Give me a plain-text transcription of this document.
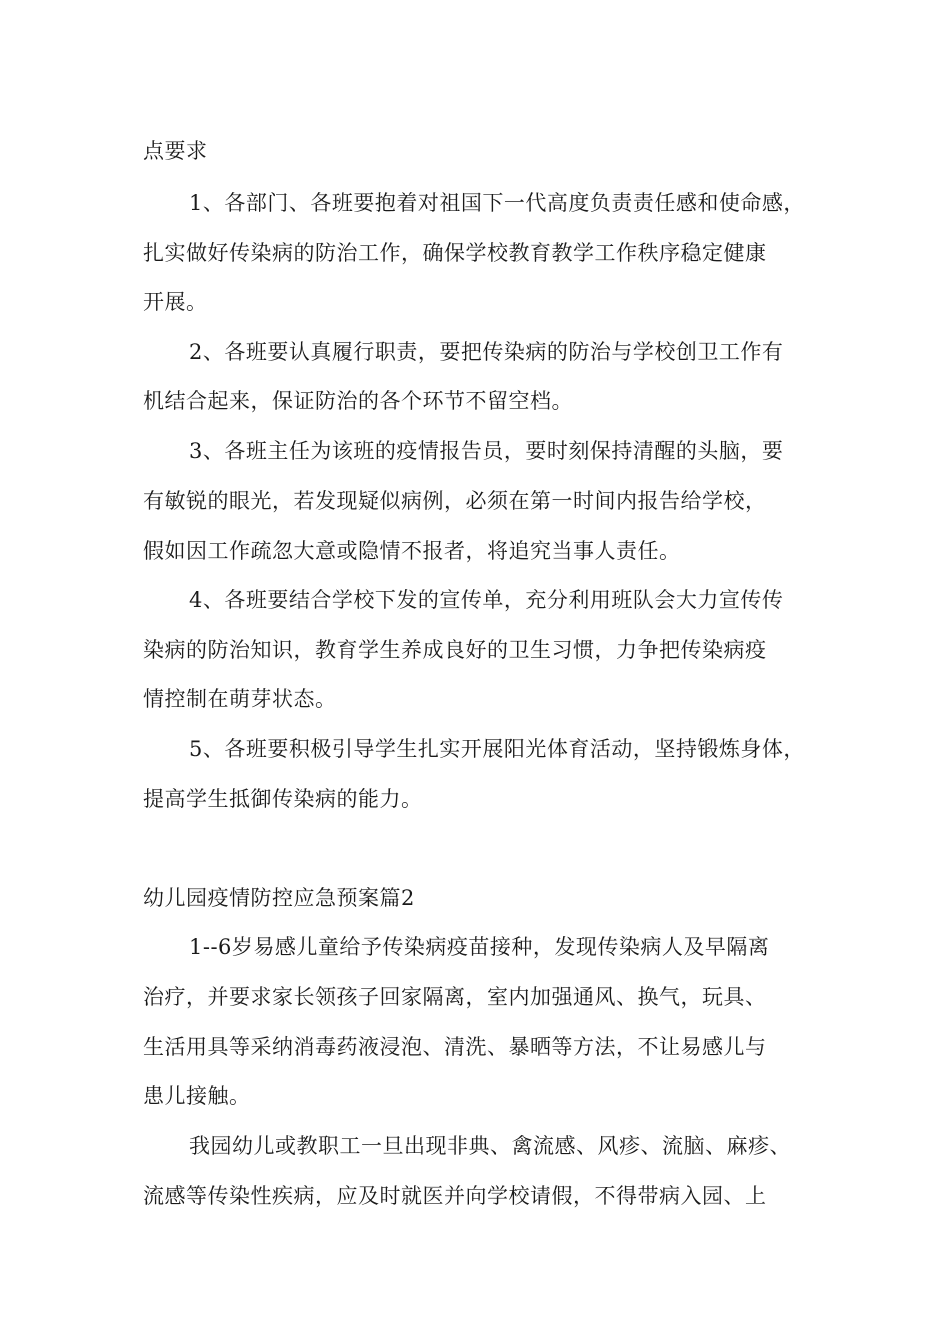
点要求
1、各部门、各班要抱着对祖国下一代高度负责责任感和使命感，
扎实做好传染病的防治工作，确保学校教育教学工作秩序稳定健康
开展。
2、各班要认真履行职责，要把传染病的防治与学校创卫工作有
机结合起来，保证防治的各个环节不留空档。
3、各班主任为该班的疫情报告员，要时刻保持清醒的头脑，要
有敏锐的眼光，若发现疑似病例，必须在第一时间内报告给学校，
假如因工作疏忽大意或隐情不报者，将追究当事人责任。
4、各班要结合学校下发的宣传单，充分利用班队会大力宣传传
染病的防治知识，教育学生养成良好的卫生习惯，力争把传染病疫
情控制在萌芽状态。
5、各班要积极引导学生扎实开展阳光体育活动，坚持锻炼身体，
提高学生抵御传染病的能力。
幼儿园疫情防控应急预案篇2
1--6岁易感儿童给予传染病疫苗接种，发现传染病人及早隔离
治疗，并要求家长领孩子回家隔离，室内加强通风、换气，玩具、
生活用具等采纳消毒药液浸泡、清洗、暴晒等方法，不让易感儿与
患儿接触。
我园幼儿或教职工一旦出现非典、禽流感、风疹、流脑、麻疹、
流感等传染性疾病，应及时就医并向学校请假，不得带病入园、上
